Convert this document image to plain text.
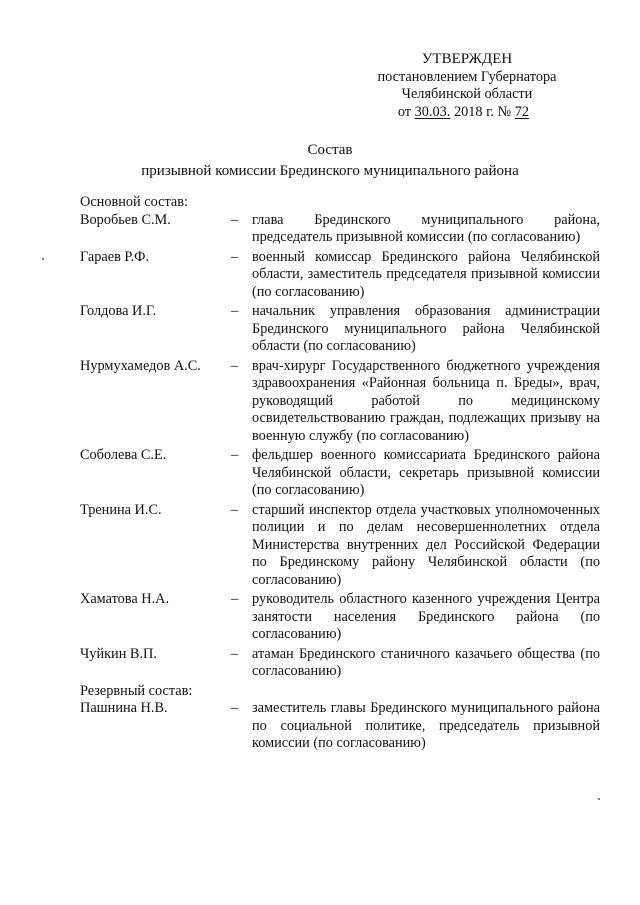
УТВЕРЖДЕН
постановлением Губернатора
Челябинской области
от 30.03. 2018 г. № 72
Состав
призывной комиссии Брединского муниципального района
Основной состав:
Воробьев С.М.	– глава Брединского муниципального района, председатель призывной комиссии (по согласованию)
Гараев Р.Ф.	– военный комиссар Брединского района Челябинской области, заместитель председателя призывной комиссии (по согласованию)
Голдова И.Г.	– начальник управления образования администрации Брединского муниципального района Челябинской области (по согласованию)
Нурмухамедов А.С.	– врач-хирург Государственного бюджетного учреждения здравоохранения «Районная больница п. Бреды», врач, руководящий работой по медицинскому освидетельствованию граждан, подлежащих призыву на военную службу (по согласованию)
Соболева С.Е.	– фельдшер военного комиссариата Брединского района Челябинской области, секретарь призывной комиссии (по согласованию)
Тренина И.С.	– старший инспектор отдела участковых уполномоченных полиции и по делам несовершеннолетних отдела Министерства внутренних дел Российской Федерации по Брединскому району Челябинской области (по согласованию)
Хаматова Н.А.	– руководитель областного казенного учреждения Центра занятости населения Брединского района (по согласованию)
Чуйкин В.П.	– атаман Брединского станичного казачьего общества (по согласованию)
Резервный состав:
Пашнина Н.В.	– заместитель главы Брединского муниципального района по социальной политике, председатель призывной комиссии (по согласованию)
